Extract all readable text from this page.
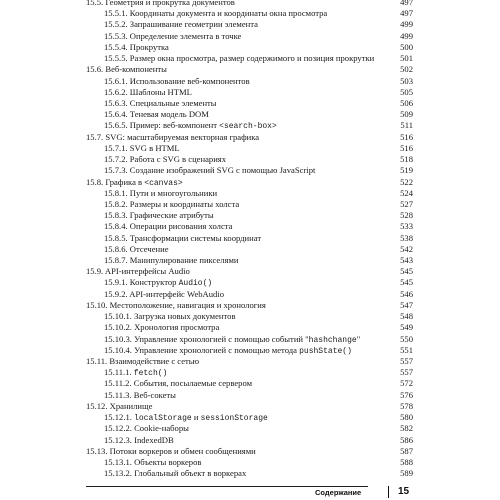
15.5. Геометрия и прокрутка документов	497
15.5.1. Координаты документа и координаты окна просмотра	497
15.5.2. Запрашивание геометрии элемента	499
15.5.3. Определение элемента в точке	499
15.5.4. Прокрутка	500
15.5.5. Размер окна просмотра, размер содержимого и позиция прокрутки	501
15.6. Веб-компоненты	502
15.6.1. Использование веб-компонентов	503
15.6.2. Шаблоны HTML	505
15.6.3. Специальные элементы	506
15.6.4. Теневая модель DOM	509
15.6.5. Пример: веб-компонент <search-box>	511
15.7. SVG: масштабируемая векторная графика	516
15.7.1. SVG в HTML	516
15.7.2. Работа с SVG в сценариях	518
15.7.3. Создание изображений SVG с помощью JavaScript	519
15.8. Графика в <canvas>	522
15.8.1. Пути и многоугольники	524
15.8.2. Размеры и координаты холста	527
15.8.3. Графические атрибуты	528
15.8.4. Операции рисования холста	533
15.8.5. Трансформации системы координат	538
15.8.6. Отсечение	542
15.8.7. Манипулирование пикселями	543
15.9. API-интерфейсы Audio	545
15.9.1. Конструктор Audio()	545
15.9.2. API-интерфейс WebAudio	546
15.10. Местоположение, навигация и хронология	547
15.10.1. Загрузка новых документов	548
15.10.2. Хронология просмотра	549
15.10.3. Управление хронологией с помощью событий "hashchange"	550
15.10.4. Управление хронологией с помощью метода pushState()	551
15.11. Взаимодействие с сетью	557
15.11.1. fetch()	557
15.11.2. События, посылаемые сервером	572
15.11.3. Веб-сокеты	576
15.12. Хранилище	578
15.12.1. localStorage и sessionStorage	580
15.12.2. Cookie-наборы	582
15.12.3. IndexedDB	586
15.13. Потоки воркеров и обмен сообщениями	587
15.13.1. Объекты воркеров	588
15.13.2. Глобальный объект в воркерах	589
Содержание	15
